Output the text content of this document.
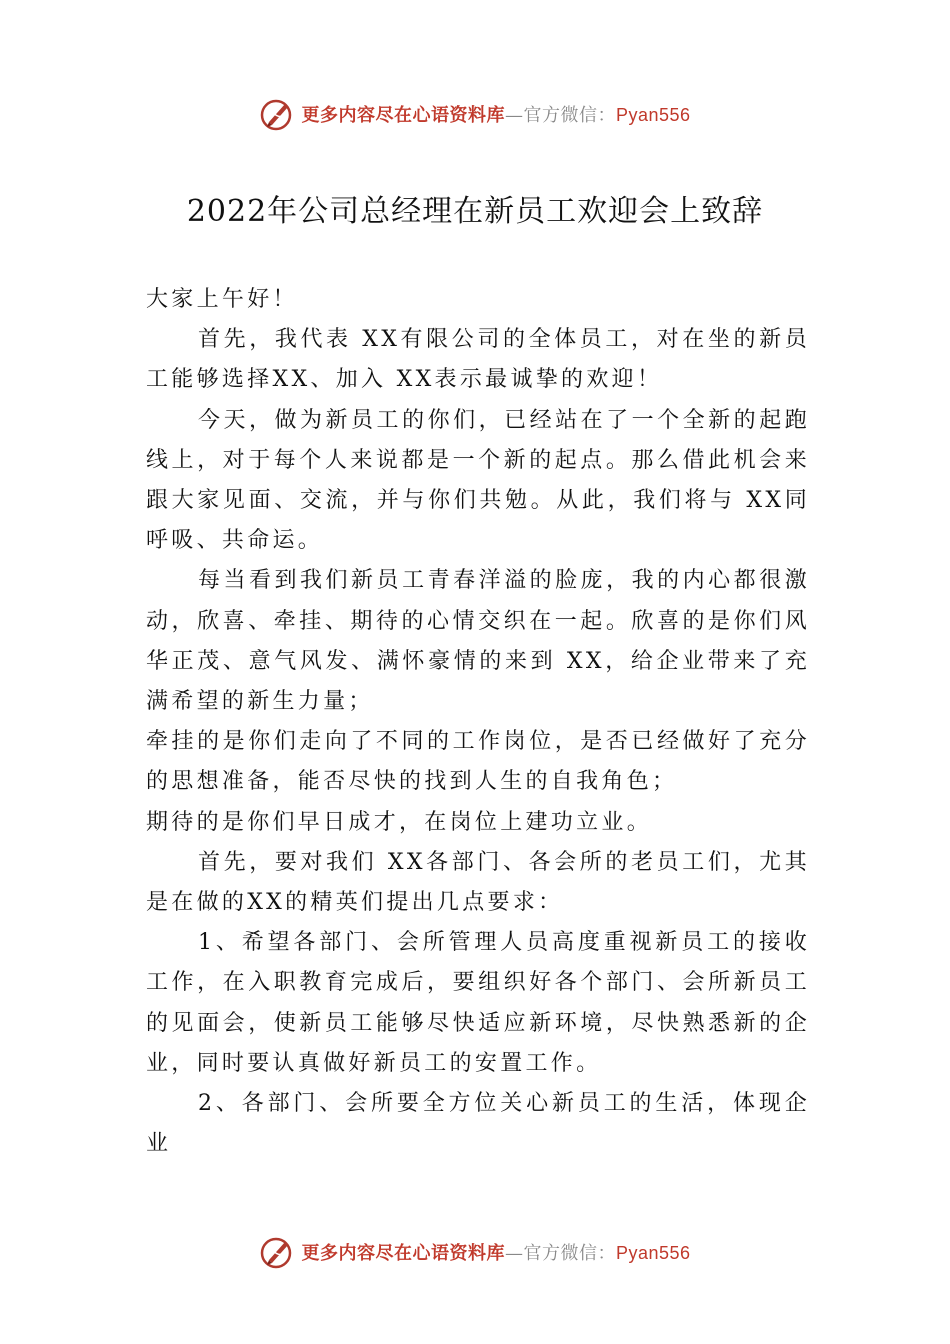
更多内容尽在心语资料库—官方微信：Pyan556
2022年公司总经理在新员工欢迎会上致辞

大家上午好！

首先，我代表 XX有限公司的全体员工，对在坐的新员工能够选择XX、加入 XX表示最诚挚的欢迎！

今天，做为新员工的你们，已经站在了一个全新的起跑线上，对于每个人来说都是一个新的起点。那么借此机会来跟大家见面、交流，并与你们共勉。从此，我们将与 XX同呼吸、共命运。

每当看到我们新员工青春洋溢的脸庞，我的内心都很激动，欣喜、牵挂、期待的心情交织在一起。欣喜的是你们风华正茂、意气风发、满怀豪情的来到 XX，给企业带来了充满希望的新生力量；

牵挂的是你们走向了不同的工作岗位，是否已经做好了充分的思想准备，能否尽快的找到人生的自我角色；

期待的是你们早日成才，在岗位上建功立业。

首先，要对我们 XX各部门、各会所的老员工们，尤其是在做的XX的精英们提出几点要求：

1、希望各部门、会所管理人员高度重视新员工的接收工作，在入职教育完成后，要组织好各个部门、会所新员工的见面会，使新员工能够尽快适应新环境，尽快熟悉新的企业，同时要认真做好新员工的安置工作。

2、各部门、会所要全方位关心新员工的生活，体现企业

更多内容尽在心语资料库—官方微信：Pyan556
